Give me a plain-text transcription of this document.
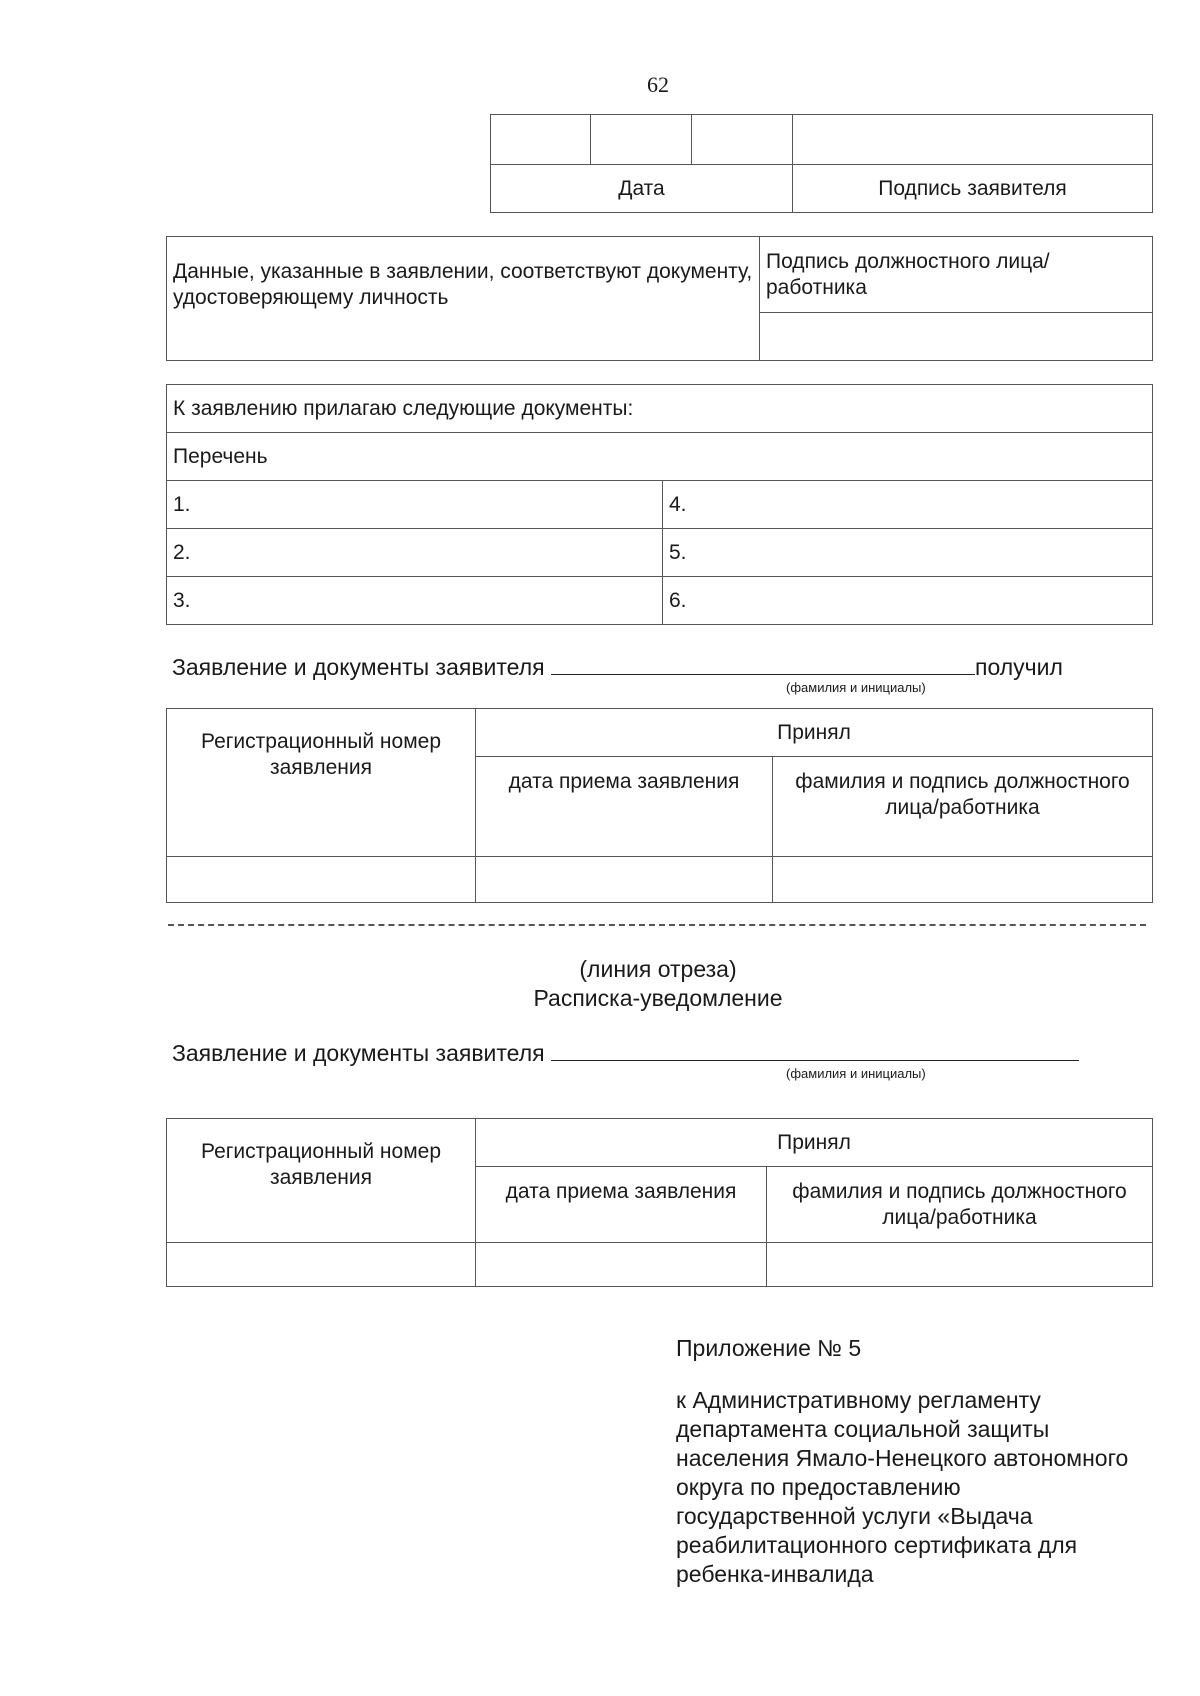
62

Дата			Подпись заявителя
Данные, указанные в заявлении, соответствуют документу, удостоверяющему личность	Подпись должностного лица/работника

К заявлению прилагаю следующие документы:	
Перечень	
1.	4.
2.	5.
3.	6.
Заявление и документы заявителя	получил
(фамилия и инициалы)
Регистрационный номер заявления	Принял	
	дата приема заявления	фамилия и подпись должностного лица/работника

(линия отреза)
Расписка-уведомление
Заявление и документы заявителя
(фамилия и инициалы)
Регистрационный номер заявления	Принял	
	дата приема заявления	фамилия и подпись должностного лица/работника

Приложение № 5
к Административному регламенту департамента социальной защиты населения Ямало-Ненецкого автономного округа по предоставлению государственной услуги «Выдача реабилитационного сертификата для ребенка-инвалида
